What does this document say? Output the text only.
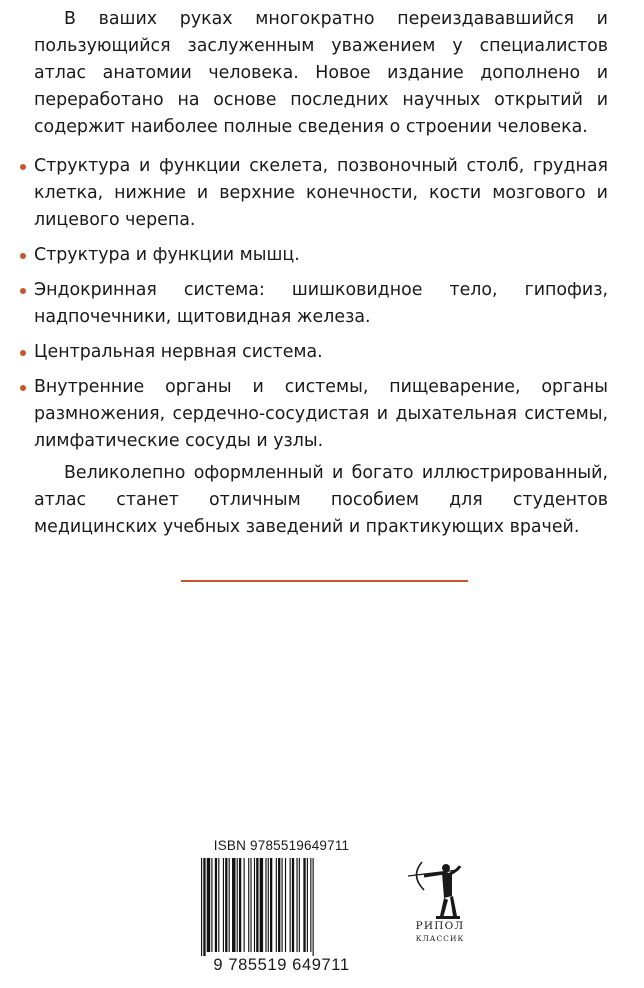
В ваших руках многократно переиздававшийся и пользующийся заслуженным уважением у специалистов атлас анатомии человека. Новое издание дополнено и переработано на основе последних научных открытий и содержит наиболее полные сведения о строении человека.
Структура и функции скелета, позвоночный столб, грудная клетка, нижние и верхние конечности, кости мозгового и лицевого черепа.
Структура и функции мышц.
Эндокринная система: шишковидное тело, гипофиз, надпочечники, щитовидная железа.
Центральная нервная система.
Внутренние органы и системы, пищеварение, органы размножения, сердечно-сосудистая и дыхательная системы, лимфатические сосуды и узлы.
Великолепно оформленный и богато иллюстрированный, атлас станет отличным пособием для студентов медицинских учебных заведений и практикующих врачей.
ISBN 9785519649711
9 785519 649711
РИПОЛ
КЛАССИК
